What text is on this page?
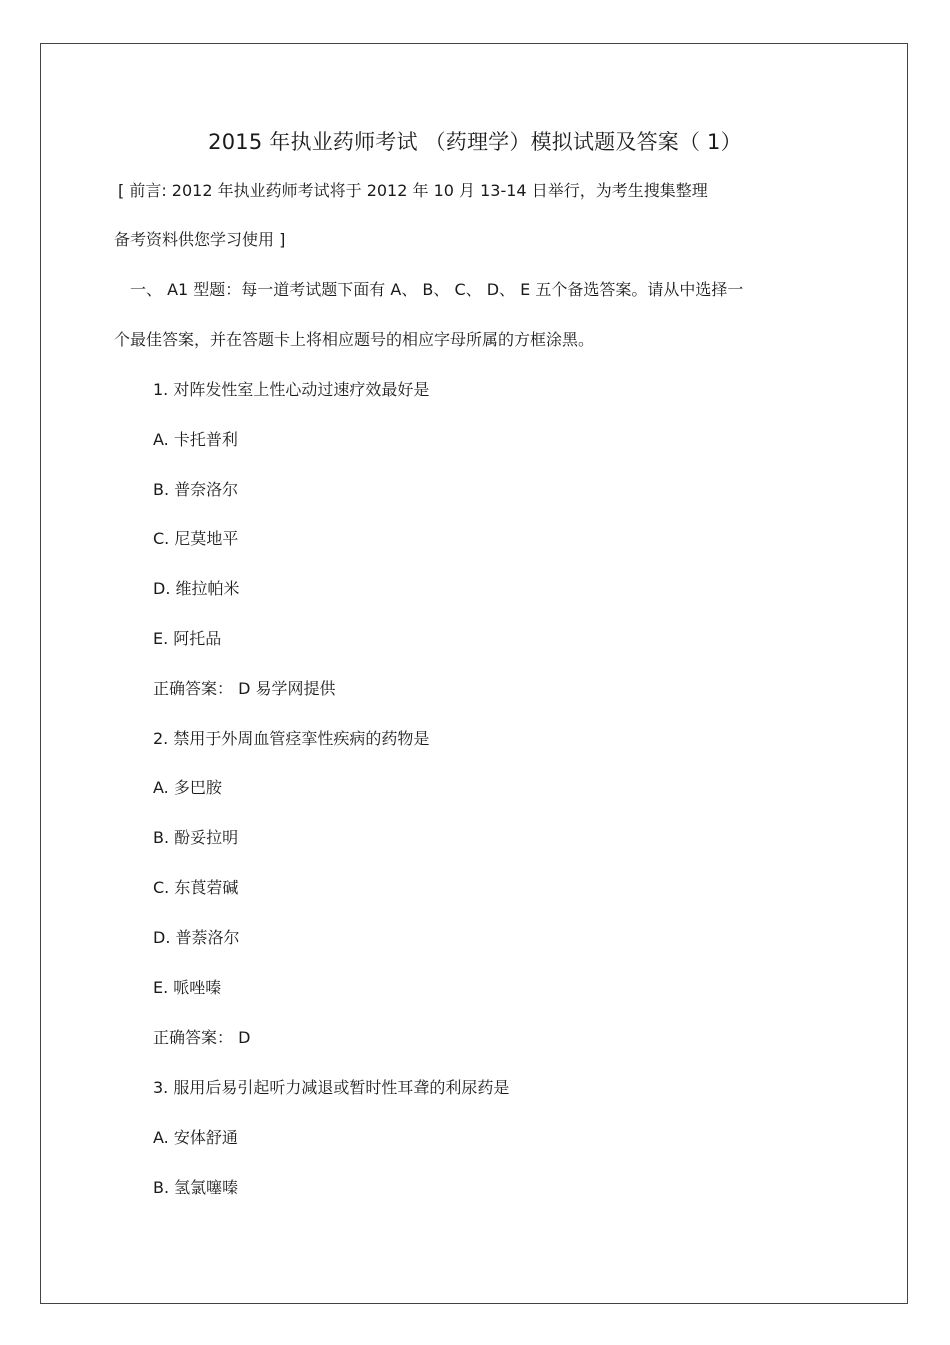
2015 年执业药师考试 （药理学）模拟试题及答案（ 1）
[ 前言: 2012 年执业药师考试将于 2012 年 10 月 13-14 日举行，为考生搜集整理
备考资料供您学习使用 ]
一、 A1 型题：每一道考试题下面有 A、 B、 C、 D、 E 五个备选答案。请从中选择一
个最佳答案，并在答题卡上将相应题号的相应字母所属的方框涂黑。
1. 对阵发性室上性心动过速疗效最好是
A. 卡托普利
B. 普奈洛尔
C. 尼莫地平
D. 维拉帕米
E. 阿托品
正确答案： D 易学网提供
2. 禁用于外周血管痉挛性疾病的药物是
A. 多巴胺
B. 酚妥拉明
C. 东莨菪碱
D. 普萘洛尔
E. 哌唑嗪
正确答案： D
3. 服用后易引起听力减退或暂时性耳聋的利尿药是
A. 安体舒通
B. 氢氯噻嗪
